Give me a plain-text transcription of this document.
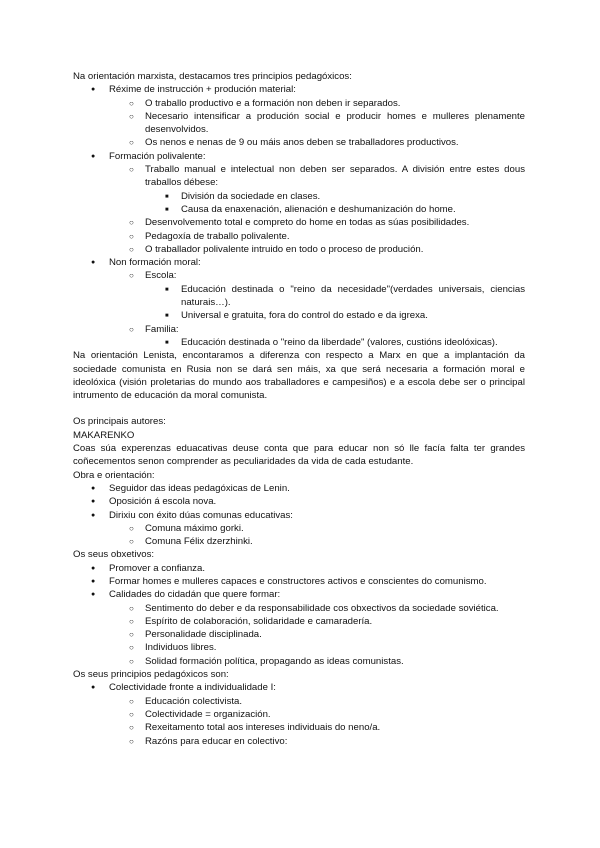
Na orientación marxista, destacamos tres principios pedagóxicos:

●
Réxime de instrucción + produción material:
○
O traballo productivo e a formación non deben ir separados.
○
Necesario intensificar a produción social e producir homes e mulleres plenamente desenvolvidos.
○
Os nenos e nenas de 9 ou máis anos deben se traballadores productivos.
●
Formación polivalente:
○
Traballo manual e intelectual non deben ser separados. A división entre estes dous traballos débese:
■
División da sociedade en clases.
■
Causa da enaxenación, alienación e deshumanización do home.
○
Desenvolvemento total e compreto do home en todas as súas posibilidades.
○
Pedagoxía de traballo polivalente.
○
O traballador polivalente intruido en todo o proceso de produción.
●
Non formación moral:
○
Escola:
■
Educación destinada o "reino da necesidade"(verdades universais, ciencias naturais…).
■
Universal e gratuita, fora do control do estado e da igrexa.
○
Familia:
■
Educación destinada o "reino da liberdade" (valores, custións ideolóxicas).

Na orientación Lenista, encontaramos a diferenza con respecto a Marx en que a implantación da sociedade comunista en Rusia non se dará sen máis, xa que será necesaria a formación moral e ideolóxica (visión proletarias do mundo aos traballadores e campesiños) e a escola debe ser o principal intrumento de educación da moral comunista.

Os principais autores:

MAKARENKO

Coas súa experenzas eduacativas deuse conta que para educar non só lle facía falta ter grandes coñecementos senon comprender as peculiaridades da vida de cada estudante.

Obra e orientación:

●
Seguidor das ideas pedagóxicas de Lenin.
●
Oposición á escola nova.
●
Dirixiu con éxito dúas comunas educativas:
○
Comuna máximo gorki.
○
Comuna Félix dzerzhinki.

Os seus obxetivos:

●
Promover a confianza.
●
Formar homes e mulleres capaces e constructores activos e conscientes do comunismo.
●
Calidades do cidadán que quere formar:
○
Sentimento do deber e da responsabilidade cos obxectivos da sociedade soviética.
○
Espírito de colaboración, solidaridade e camaradería.
○
Personalidade disciplinada.
○
Individuos libres.
○
Solidad formación política, propagando as ideas comunistas.

Os seus principios pedagóxicos son:

●
Colectividade fronte a individualidade I:
○
Educación colectivista.
○
Colectividade = organización.
○
Rexeitamento total aos intereses individuais do neno/a.
○
Razóns para educar en colectivo:
